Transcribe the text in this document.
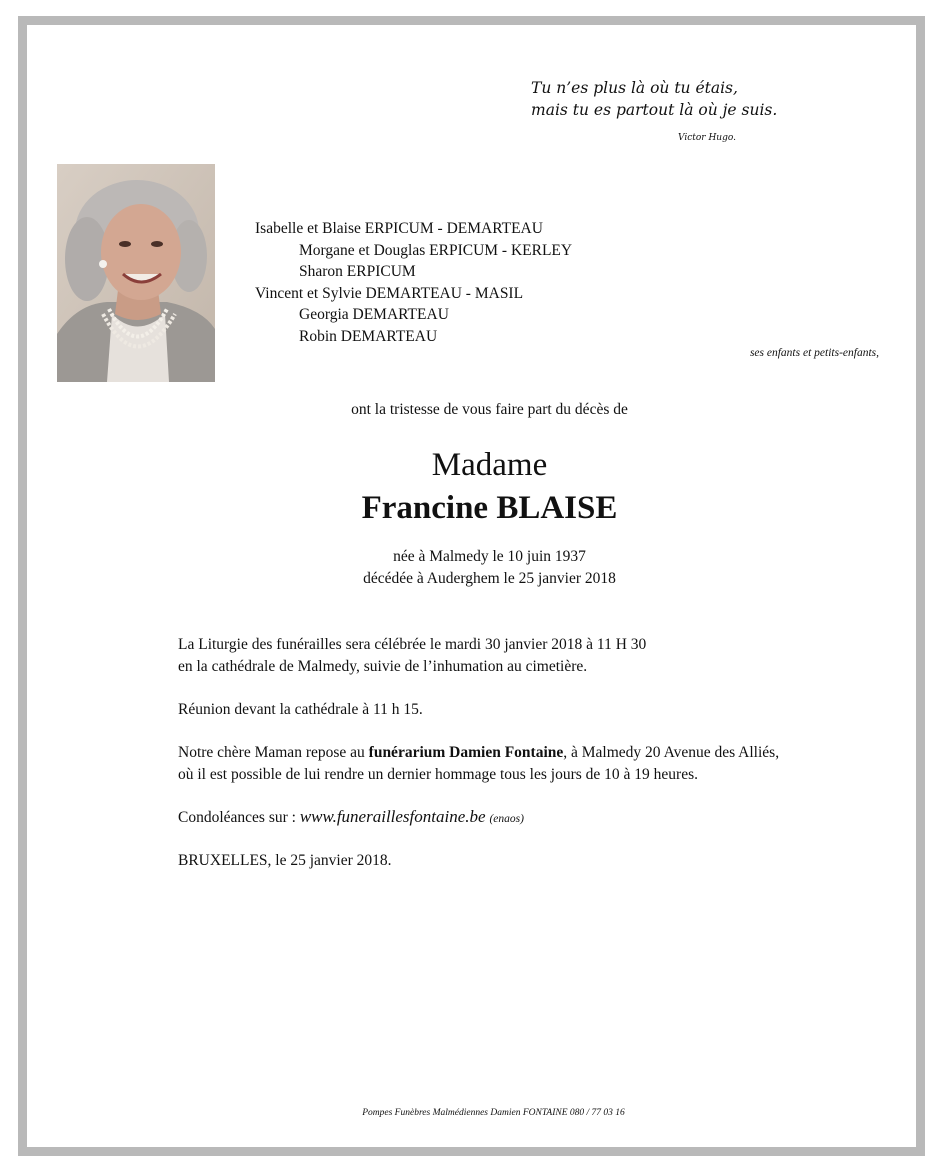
Tu n’es plus là où tu étais,
mais tu es partout là où je suis.
Victor Hugo.
Isabelle et Blaise ERPICUM - DEMARTEAU
Morgane et Douglas ERPICUM - KERLEY
Sharon ERPICUM
Vincent et Sylvie DEMARTEAU - MASIL
Georgia DEMARTEAU
Robin DEMARTEAU
ses enfants et petits-enfants,
ont la tristesse de vous faire part du décès de
Madame
Francine BLAISE
née à Malmedy le 10 juin 1937
décédée à Auderghem le 25 janvier 2018
La Liturgie des funérailles sera célébrée le mardi 30 janvier 2018 à 11 H 30
en la cathédrale de Malmedy, suivie de l’inhumation au cimetière.
Réunion devant la cathédrale à 11 h 15.
Notre chère Maman repose au funérarium Damien Fontaine, à Malmedy 20 Avenue des Alliés,
où il est possible de lui rendre un dernier hommage tous les jours de 10 à 19 heures.
Condoléances sur : www.funeraillesfontaine.be (enaos)
BRUXELLES, le 25 janvier 2018.
Pompes Funèbres Malmédiennes Damien FONTAINE 080 / 77 03 16
